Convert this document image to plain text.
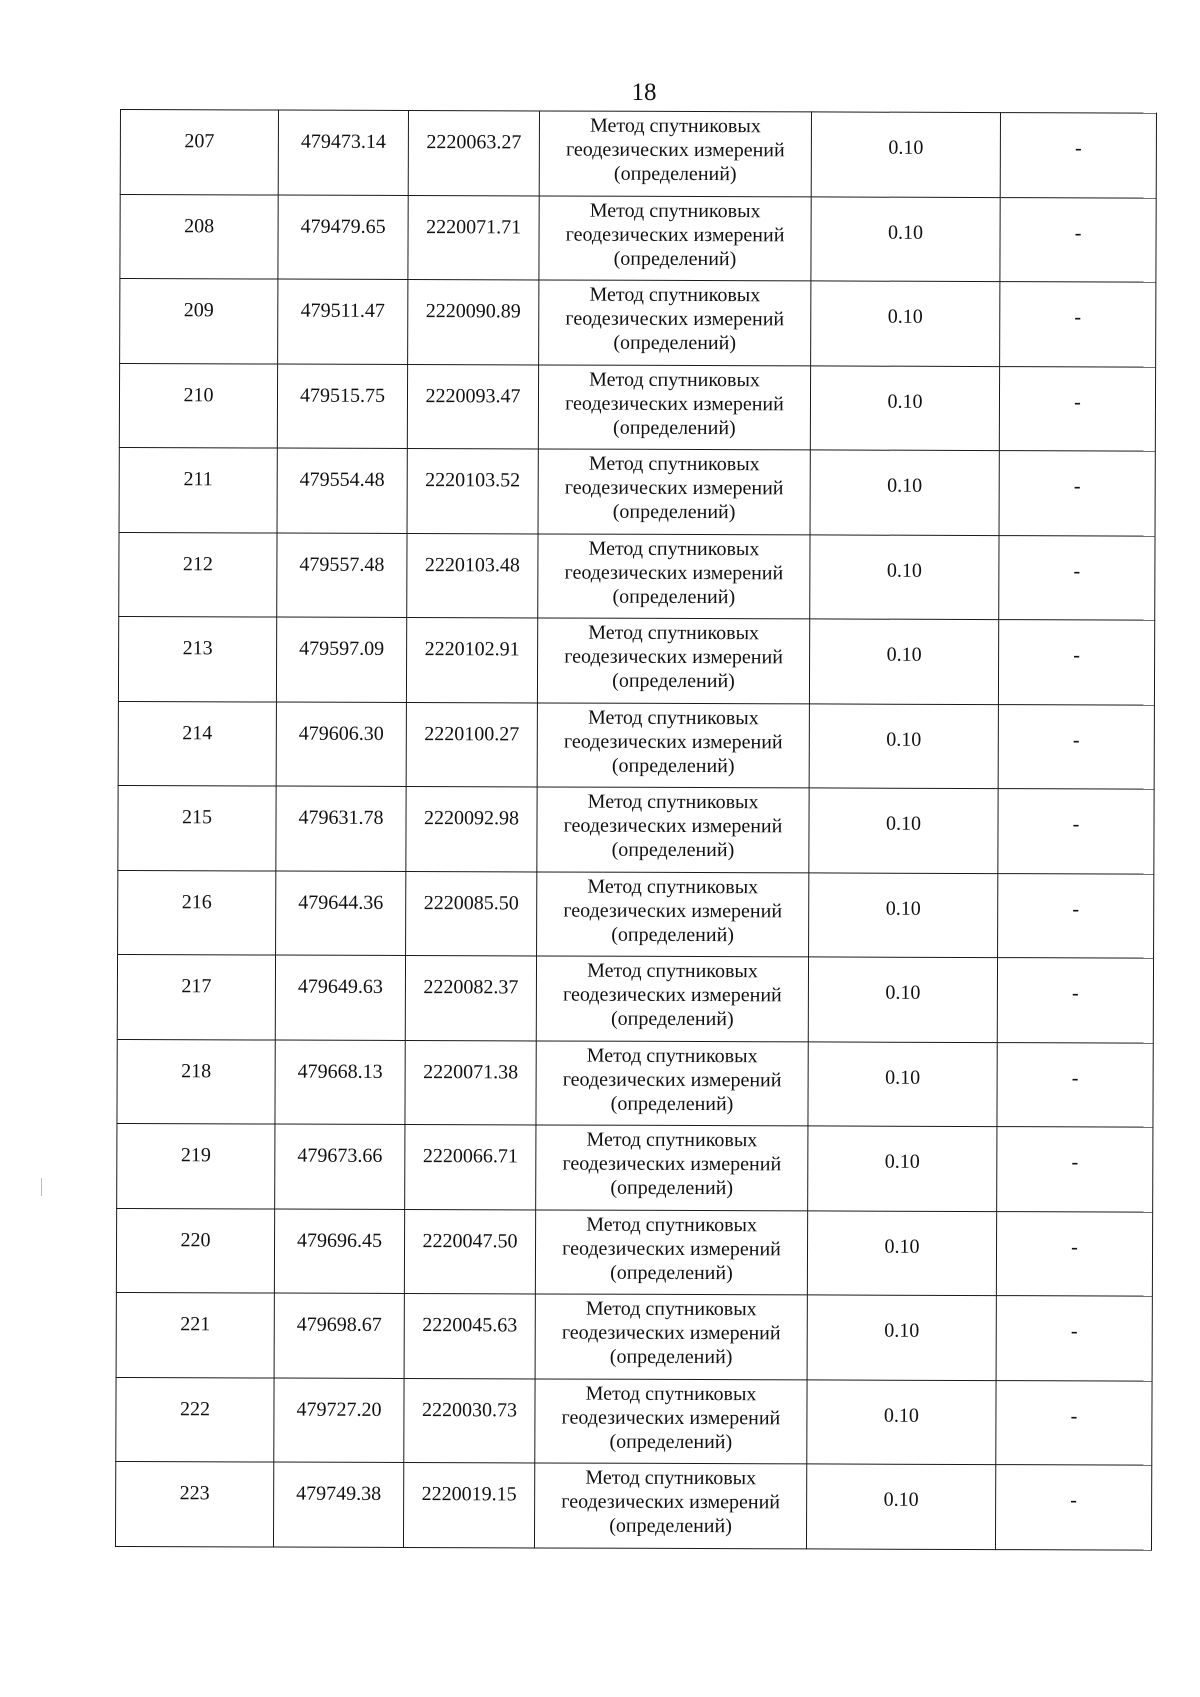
18
207	479473.14	2220063.27	Метод спутниковых
геодезических измерений
(определений)	0.10	-
208	479479.65	2220071.71	Метод спутниковых
геодезических измерений
(определений)	0.10	-
209	479511.47	2220090.89	Метод спутниковых
геодезических измерений
(определений)	0.10	-
210	479515.75	2220093.47	Метод спутниковых
геодезических измерений
(определений)	0.10	-
211	479554.48	2220103.52	Метод спутниковых
геодезических измерений
(определений)	0.10	-
212	479557.48	2220103.48	Метод спутниковых
геодезических измерений
(определений)	0.10	-
213	479597.09	2220102.91	Метод спутниковых
геодезических измерений
(определений)	0.10	-
214	479606.30	2220100.27	Метод спутниковых
геодезических измерений
(определений)	0.10	-
215	479631.78	2220092.98	Метод спутниковых
геодезических измерений
(определений)	0.10	-
216	479644.36	2220085.50	Метод спутниковых
геодезических измерений
(определений)	0.10	-
217	479649.63	2220082.37	Метод спутниковых
геодезических измерений
(определений)	0.10	-
218	479668.13	2220071.38	Метод спутниковых
геодезических измерений
(определений)	0.10	-
219	479673.66	2220066.71	Метод спутниковых
геодезических измерений
(определений)	0.10	-
220	479696.45	2220047.50	Метод спутниковых
геодезических измерений
(определений)	0.10	-
221	479698.67	2220045.63	Метод спутниковых
геодезических измерений
(определений)	0.10	-
222	479727.20	2220030.73	Метод спутниковых
геодезических измерений
(определений)	0.10	-
223	479749.38	2220019.15	Метод спутниковых
геодезических измерений
(определений)	0.10	-
